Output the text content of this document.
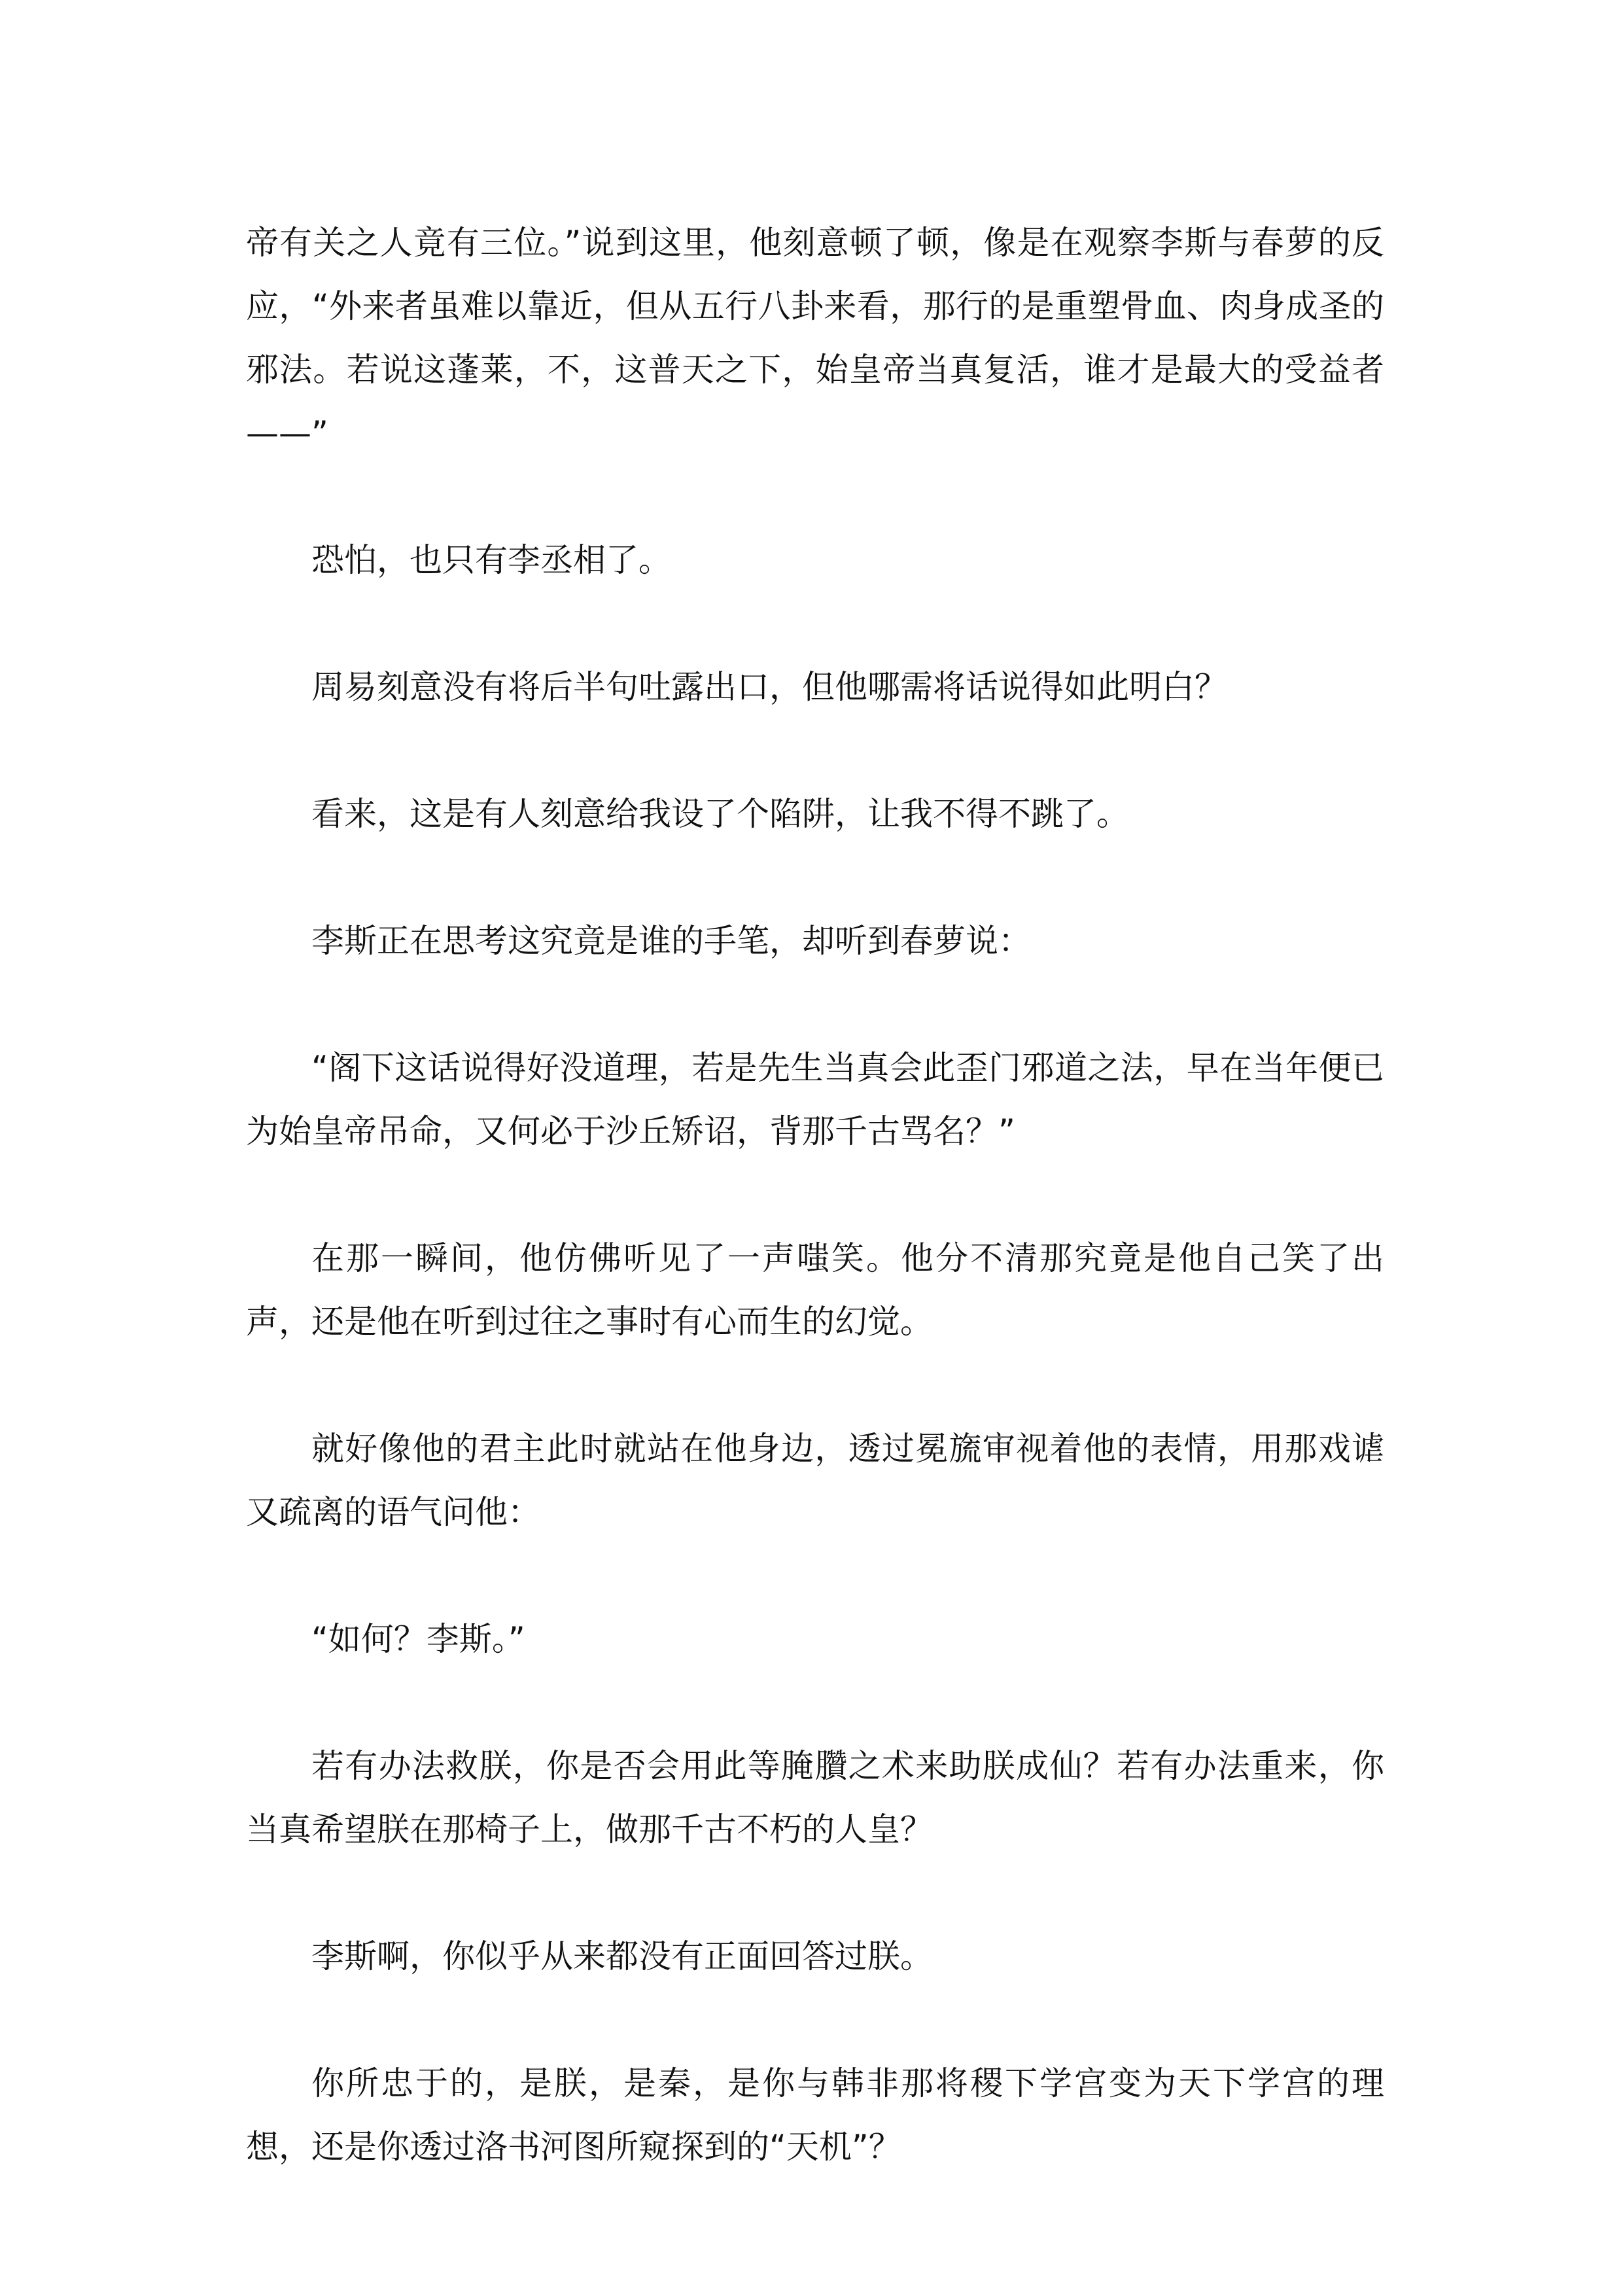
帝有关之人竟有三位。”说到这里，他刻意顿了顿，像是在观察李斯与春萝的反应，“外来者虽难以靠近，但从五行八卦来看，那行的是重塑骨血、肉身成圣的邪法。若说这蓬莱，不，这普天之下，始皇帝当真复活，谁才是最大的受益者——”

恐怕，也只有李丞相了。

周易刻意没有将后半句吐露出口，但他哪需将话说得如此明白？

看来，这是有人刻意给我设了个陷阱，让我不得不跳了。

李斯正在思考这究竟是谁的手笔，却听到春萝说：

“阁下这话说得好没道理，若是先生当真会此歪门邪道之法，早在当年便已为始皇帝吊命，又何必于沙丘矫诏，背那千古骂名？”

在那一瞬间，他仿佛听见了一声嗤笑。他分不清那究竟是他自己笑了出声，还是他在听到过往之事时有心而生的幻觉。

就好像他的君主此时就站在他身边，透过冕旒审视着他的表情，用那戏谑又疏离的语气问他：

“如何？李斯。”

若有办法救朕，你是否会用此等腌臢之术来助朕成仙？若有办法重来，你当真希望朕在那椅子上，做那千古不朽的人皇？

李斯啊，你似乎从来都没有正面回答过朕。

你所忠于的，是朕，是秦，是你与韩非那将稷下学宫变为天下学宫的理想，还是你透过洛书河图所窥探到的“天机”？
